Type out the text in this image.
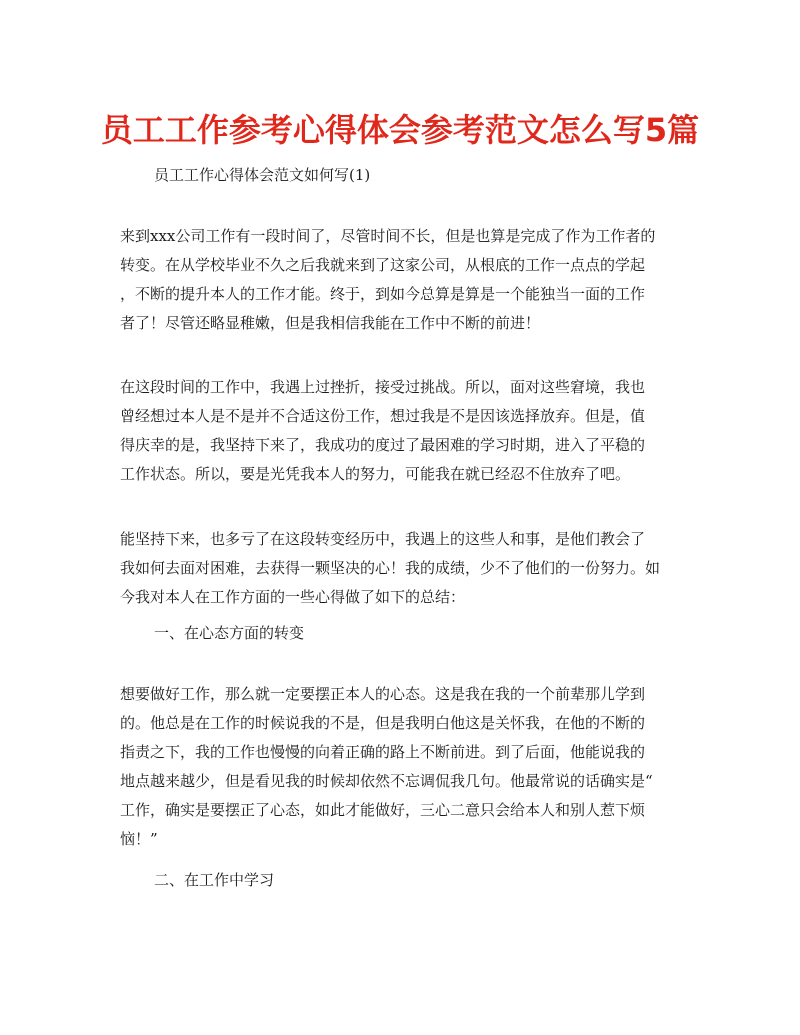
员工工作参考心得体会参考范文怎么写5篇
员工工作心得体会范文如何写(1)
来到xxx公司工作有一段时间了，尽管时间不长，但是也算是完成了作为工作者的
转变。在从学校毕业不久之后我就来到了这家公司，从根底的工作一点点的学起
，不断的提升本人的工作才能。终于，到如今总算是算是一个能独当一面的工作
者了！尽管还略显稚嫩，但是我相信我能在工作中不断的前进！
在这段时间的工作中，我遇上过挫折，接受过挑战。所以，面对这些窘境，我也
曾经想过本人是不是并不合适这份工作，想过我是不是因该选择放弃。但是，值
得庆幸的是，我坚持下来了，我成功的度过了最困难的学习时期，进入了平稳的
工作状态。所以，要是光凭我本人的努力，可能我在就已经忍不住放弃了吧。
能坚持下来，也多亏了在这段转变经历中，我遇上的这些人和事，是他们教会了
我如何去面对困难，去获得一颗坚决的心！我的成绩，少不了他们的一份努力。如
今我对本人在工作方面的一些心得做了如下的总结：
一、在心态方面的转变
想要做好工作，那么就一定要摆正本人的心态。这是我在我的一个前辈那儿学到
的。他总是在工作的时候说我的不是，但是我明白他这是关怀我，在他的不断的
指责之下，我的工作也慢慢的向着正确的路上不断前进。到了后面，他能说我的
地点越来越少，但是看见我的时候却依然不忘调侃我几句。他最常说的话确实是“
工作，确实是要摆正了心态，如此才能做好，三心二意只会给本人和别人惹下烦
恼！”
二、在工作中学习
